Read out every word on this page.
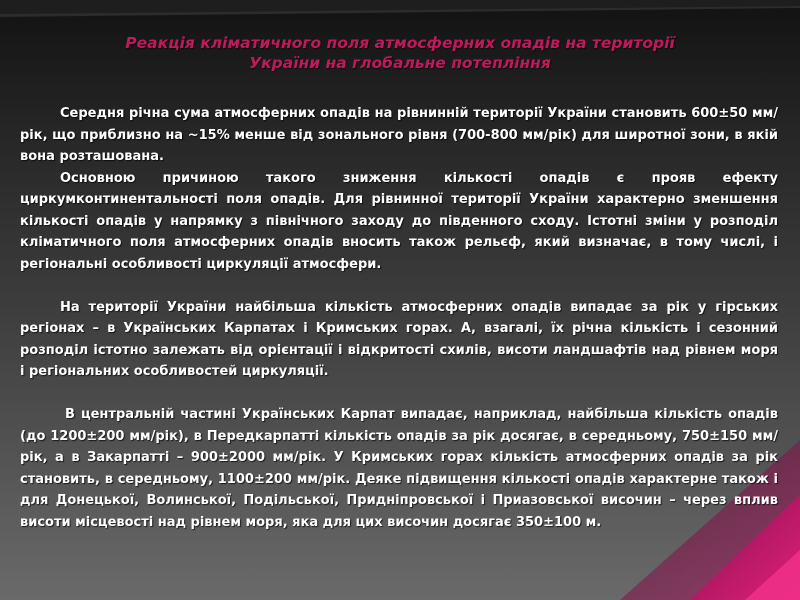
Реакція кліматичного поля атмосферних опадів на території
України на глобальне потепління

Середня річна сума атмосферних опадів на рівнинній території України становить 600±50 мм/рік, що приблизно на ~15% менше від зонального рівня (700-800 мм/рік) для широтної зони, в якій вона розташована.

Основною причиною такого зниження кількості опадів є прояв ефекту циркумконтинентальності поля опадів. Для рівнинної території України характерно зменшення кількості опадів у напрямку з північного заходу до південного сходу. Істотні зміни у розподіл кліматичного поля атмосферних опадів вносить також рельєф, який визначає, в тому числі, і регіональні особливості циркуляції атмосфери.

На території України найбільша кількість атмосферних опадів випадає за рік у гірських регіонах – в Українських Карпатах і Кримських горах. А, взагалі, їх річна кількість і сезонний розподіл істотно залежать від орієнтації і відкритості схилів, висоти ландшафтів над рівнем моря і регіональних особливостей циркуляції.

В центральній частині Українських Карпат випадає, наприклад, найбільша кількість опадів (до 1200±200 мм/рік), в Передкарпатті кількість опадів за рік досягає, в середньому, 750±150 мм/рік, а в Закарпатті – 900±2000 мм/рік. У Кримських горах кількість атмосферних опадів за рік становить, в середньому, 1100±200 мм/рік. Деяке підвищення кількості опадів характерне також і для Донецької, Волинської, Подільської, Придніпровської і Приазовської височин – через вплив висоти місцевості над рівнем моря, яка для цих височин досягає 350±100 м.
